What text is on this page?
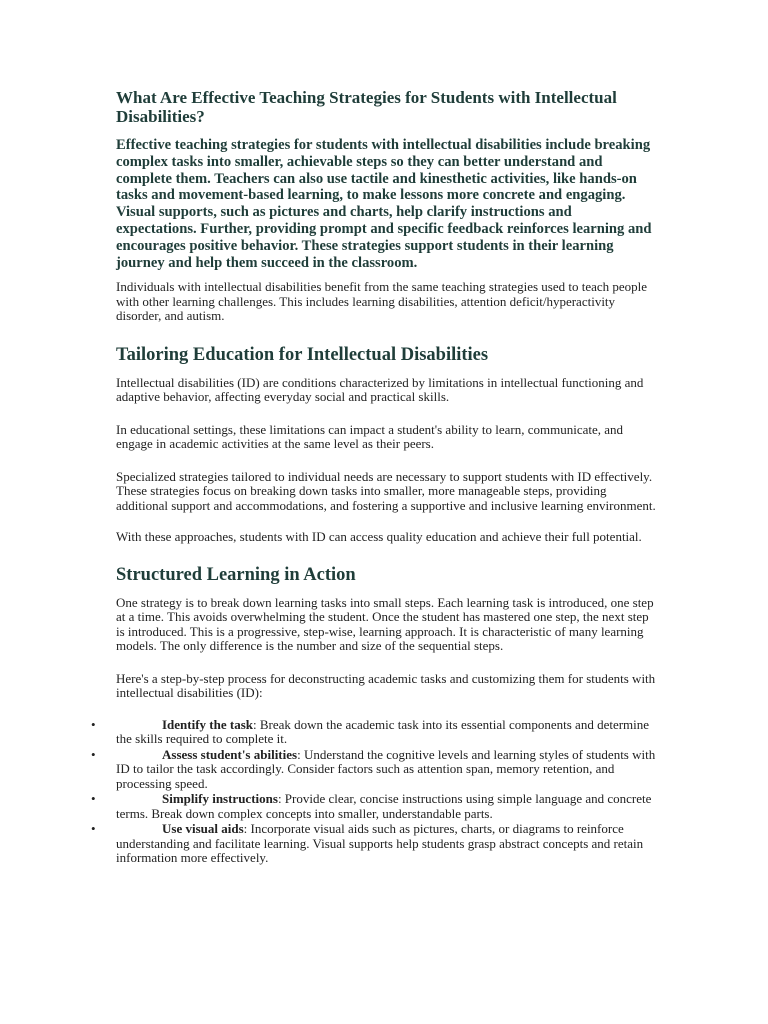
What Are Effective Teaching Strategies for Students with Intellectual Disabilities?

Effective teaching strategies for students with intellectual disabilities include breaking complex tasks into smaller, achievable steps so they can better understand and complete them. Teachers can also use tactile and kinesthetic activities, like hands-on tasks and movement-based learning, to make lessons more concrete and engaging. Visual supports, such as pictures and charts, help clarify instructions and expectations. Further, providing prompt and specific feedback reinforces learning and encourages positive behavior. These strategies support students in their learning journey and help them succeed in the classroom.

Individuals with intellectual disabilities benefit from the same teaching strategies used to teach people with other learning challenges. This includes learning disabilities, attention deficit/hyperactivity disorder, and autism.

Tailoring Education for Intellectual Disabilities

Intellectual disabilities (ID) are conditions characterized by limitations in intellectual functioning and adaptive behavior, affecting everyday social and practical skills.

In educational settings, these limitations can impact a student's ability to learn, communicate, and engage in academic activities at the same level as their peers.

Specialized strategies tailored to individual needs are necessary to support students with ID effectively. These strategies focus on breaking down tasks into smaller, more manageable steps, providing additional support and accommodations, and fostering a supportive and inclusive learning environment.

With these approaches, students with ID can access quality education and achieve their full potential.

Structured Learning in Action

One strategy is to break down learning tasks into small steps. Each learning task is introduced, one step at a time. This avoids overwhelming the student. Once the student has mastered one step, the next step is introduced. This is a progressive, step-wise, learning approach. It is characteristic of many learning models. The only difference is the number and size of the sequential steps.

Here's a step-by-step process for deconstructing academic tasks and customizing them for students with intellectual disabilities (ID):

•	Identify the task: Break down the academic task into its essential components and determine the skills required to complete it.
•	Assess student's abilities: Understand the cognitive levels and learning styles of students with ID to tailor the task accordingly. Consider factors such as attention span, memory retention, and processing speed.
•	Simplify instructions: Provide clear, concise instructions using simple language and concrete terms. Break down complex concepts into smaller, understandable parts.
•	Use visual aids: Incorporate visual aids such as pictures, charts, or diagrams to reinforce understanding and facilitate learning. Visual supports help students grasp abstract concepts and retain information more effectively.
